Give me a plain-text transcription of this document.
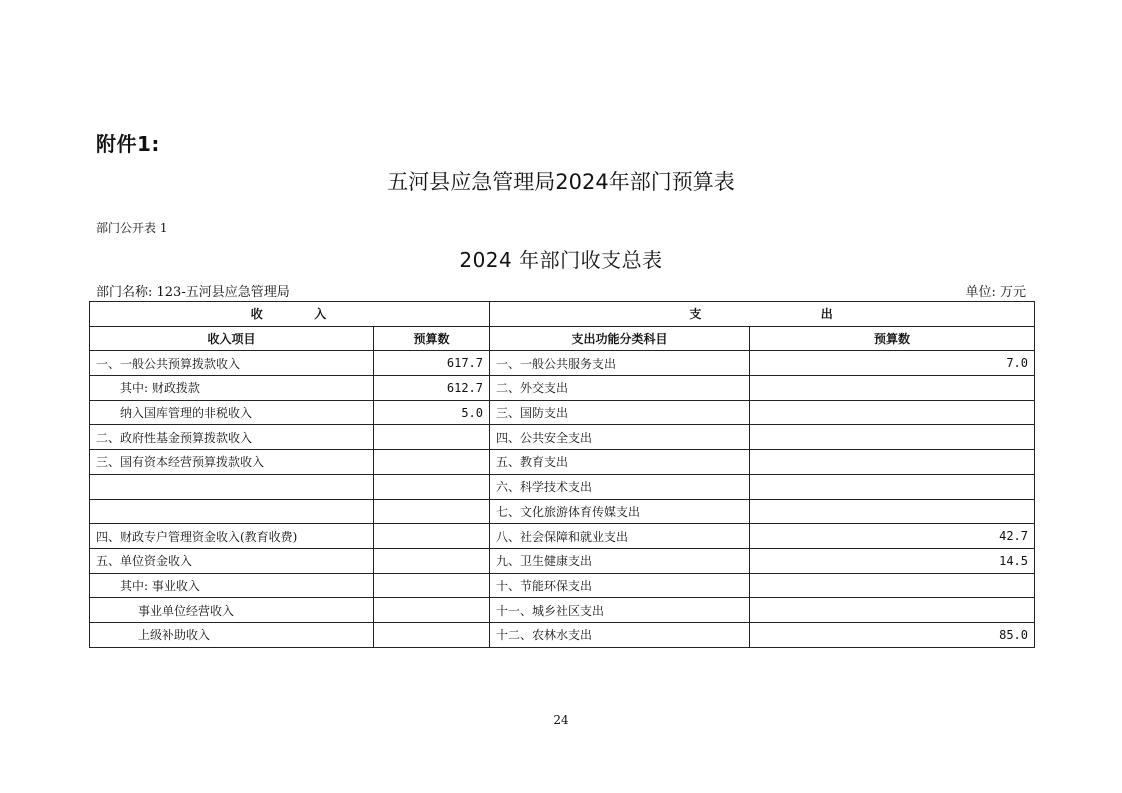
附件1:
五河县应急管理局2024年部门预算表
部门公开表 1
2024 年部门收支总表
部门名称: 123-五河县应急管理局	单位: 万元
收        入		支                   出	
收入项目	预算数	支出功能分类科目	预算数
一、一般公共预算拨款收入	617.7	一、一般公共服务支出	7.0
其中: 财政拨款	612.7	二、外交支出	
纳入国库管理的非税收入	5.0	三、国防支出	
二、政府性基金预算拨款收入		四、公共安全支出	
三、国有资本经营预算拨款收入		五、教育支出	
		六、科学技术支出	
		七、文化旅游体育传媒支出	
四、财政专户管理资金收入(教育收费)		八、社会保障和就业支出	42.7
五、单位资金收入		九、卫生健康支出	14.5
其中: 事业收入		十、节能环保支出	
事业单位经营收入		十一、城乡社区支出	
上级补助收入		十二、农林水支出	85.0
24
